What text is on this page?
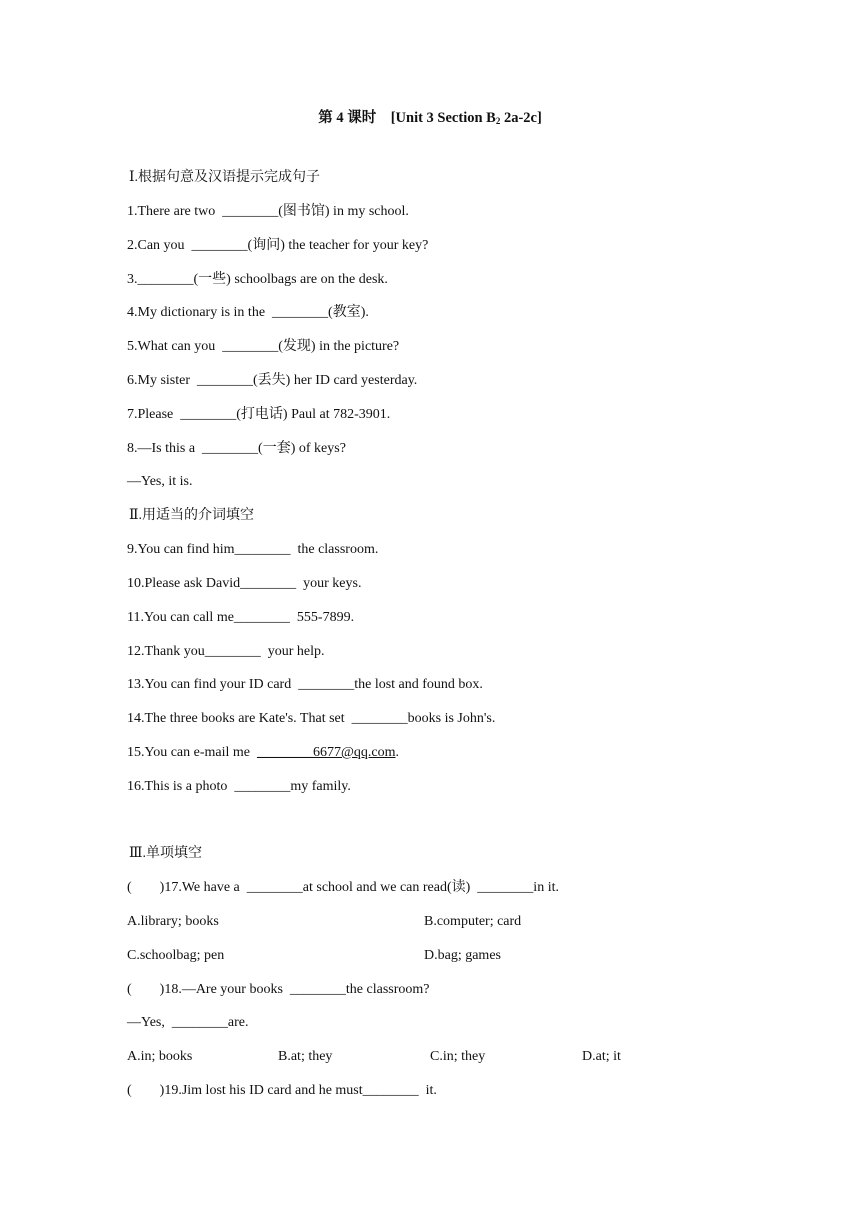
第 4 课时　[Unit 3 Section $B_2$ 2a-2c]
Ⅰ.根据句意及汉语提示完成句子
1.There are two  ________(图书馆) in my school.
2.Can you  ________(询问) the teacher for your key?
3.________(一些) schoolbags are on the desk.
4.My dictionary is in the  ________(教室).
5.What can you  ________(发现) in the picture?
6.My sister  ________(丢失) her ID card yesterday.
7.Please  ________(打电话) Paul at 782-3901.
8.—Is this a  ________(一套) of keys?
—Yes, it is.
Ⅱ.用适当的介词填空
9.You can find him________  the classroom.
10.Please ask David________  your keys.
11.You can call me________  555-7899.
12.Thank you________  your help.
13.You can find your ID card  ________the lost and found box.
14.The three books are Kate's. That set  ________books is John's.
15.You can e-mail me  ________6677@qq.com.
16.This is a photo  ________my family.
Ⅲ.单项填空
(　　)17.We have a  ________at school and we can read(读)  ________in it.
A.library; books	B.computer; card
C.schoolbag; pen	D.bag; games
(　　)18.—Are your books  ________the classroom?
—Yes,  ________are.
A.in; books	B.at; they	C.in; they	D.at; it
(　　)19.Jim lost his ID card and he must________  it.
